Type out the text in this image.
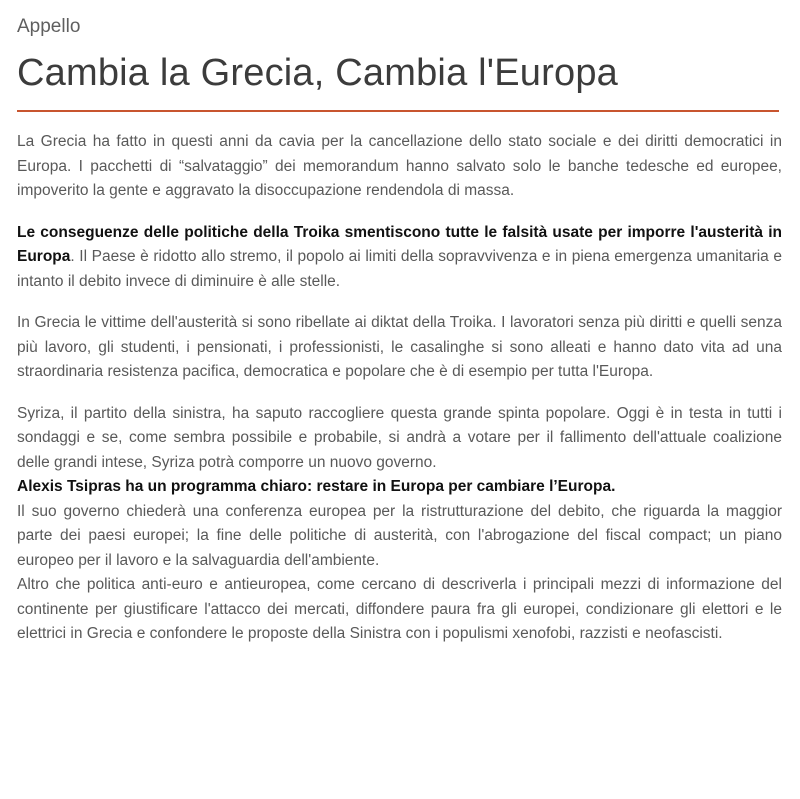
Appello
Cambia la Grecia, Cambia l'Europa

La Grecia ha fatto in questi anni da cavia per la cancellazione dello stato sociale e dei diritti democratici in Europa. I pacchetti di “salvataggio” dei memorandum hanno salvato solo le banche tedesche ed europee, impoverito la gente e aggravato la disoccupazione rendendola di massa.

Le conseguenze delle politiche della Troika smentiscono tutte le falsità usate per imporre l'austerità in Europa. Il Paese è ridotto allo stremo, il popolo ai limiti della sopravvivenza e in piena emergenza umanitaria e intanto il debito invece di diminuire è alle stelle.

In Grecia le vittime dell'austerità si sono ribellate ai diktat della Troika. I lavoratori senza più diritti e quelli senza più lavoro, gli studenti, i pensionati, i professionisti, le casalinghe si sono alleati e hanno dato vita ad una straordinaria resistenza pacifica, democratica e popolare che è di esempio per tutta l'Europa.

Syriza, il partito della sinistra, ha saputo raccogliere questa grande spinta popolare. Oggi è in testa in tutti i sondaggi e se, come sembra possibile e probabile, si andrà a votare per il fallimento dell'attuale coalizione delle grandi intese, Syriza potrà comporre un nuovo governo.

Alexis Tsipras ha un programma chiaro: restare in Europa per cambiare l’Europa.

Il suo governo chiederà una conferenza europea per la ristrutturazione del debito, che riguarda la maggior parte dei paesi europei; la fine delle politiche di austerità, con l'abrogazione del fiscal compact; un piano europeo per il lavoro e la salvaguardia dell'ambiente.

Altro che politica anti-euro e antieuropea, come cercano di descriverla i principali mezzi di informazione del continente per giustificare l'attacco dei mercati, diffondere paura fra gli europei, condizionare gli elettori e le elettrici in Grecia e confondere le proposte della Sinistra con i populismi xenofobi, razzisti e neofascisti.
